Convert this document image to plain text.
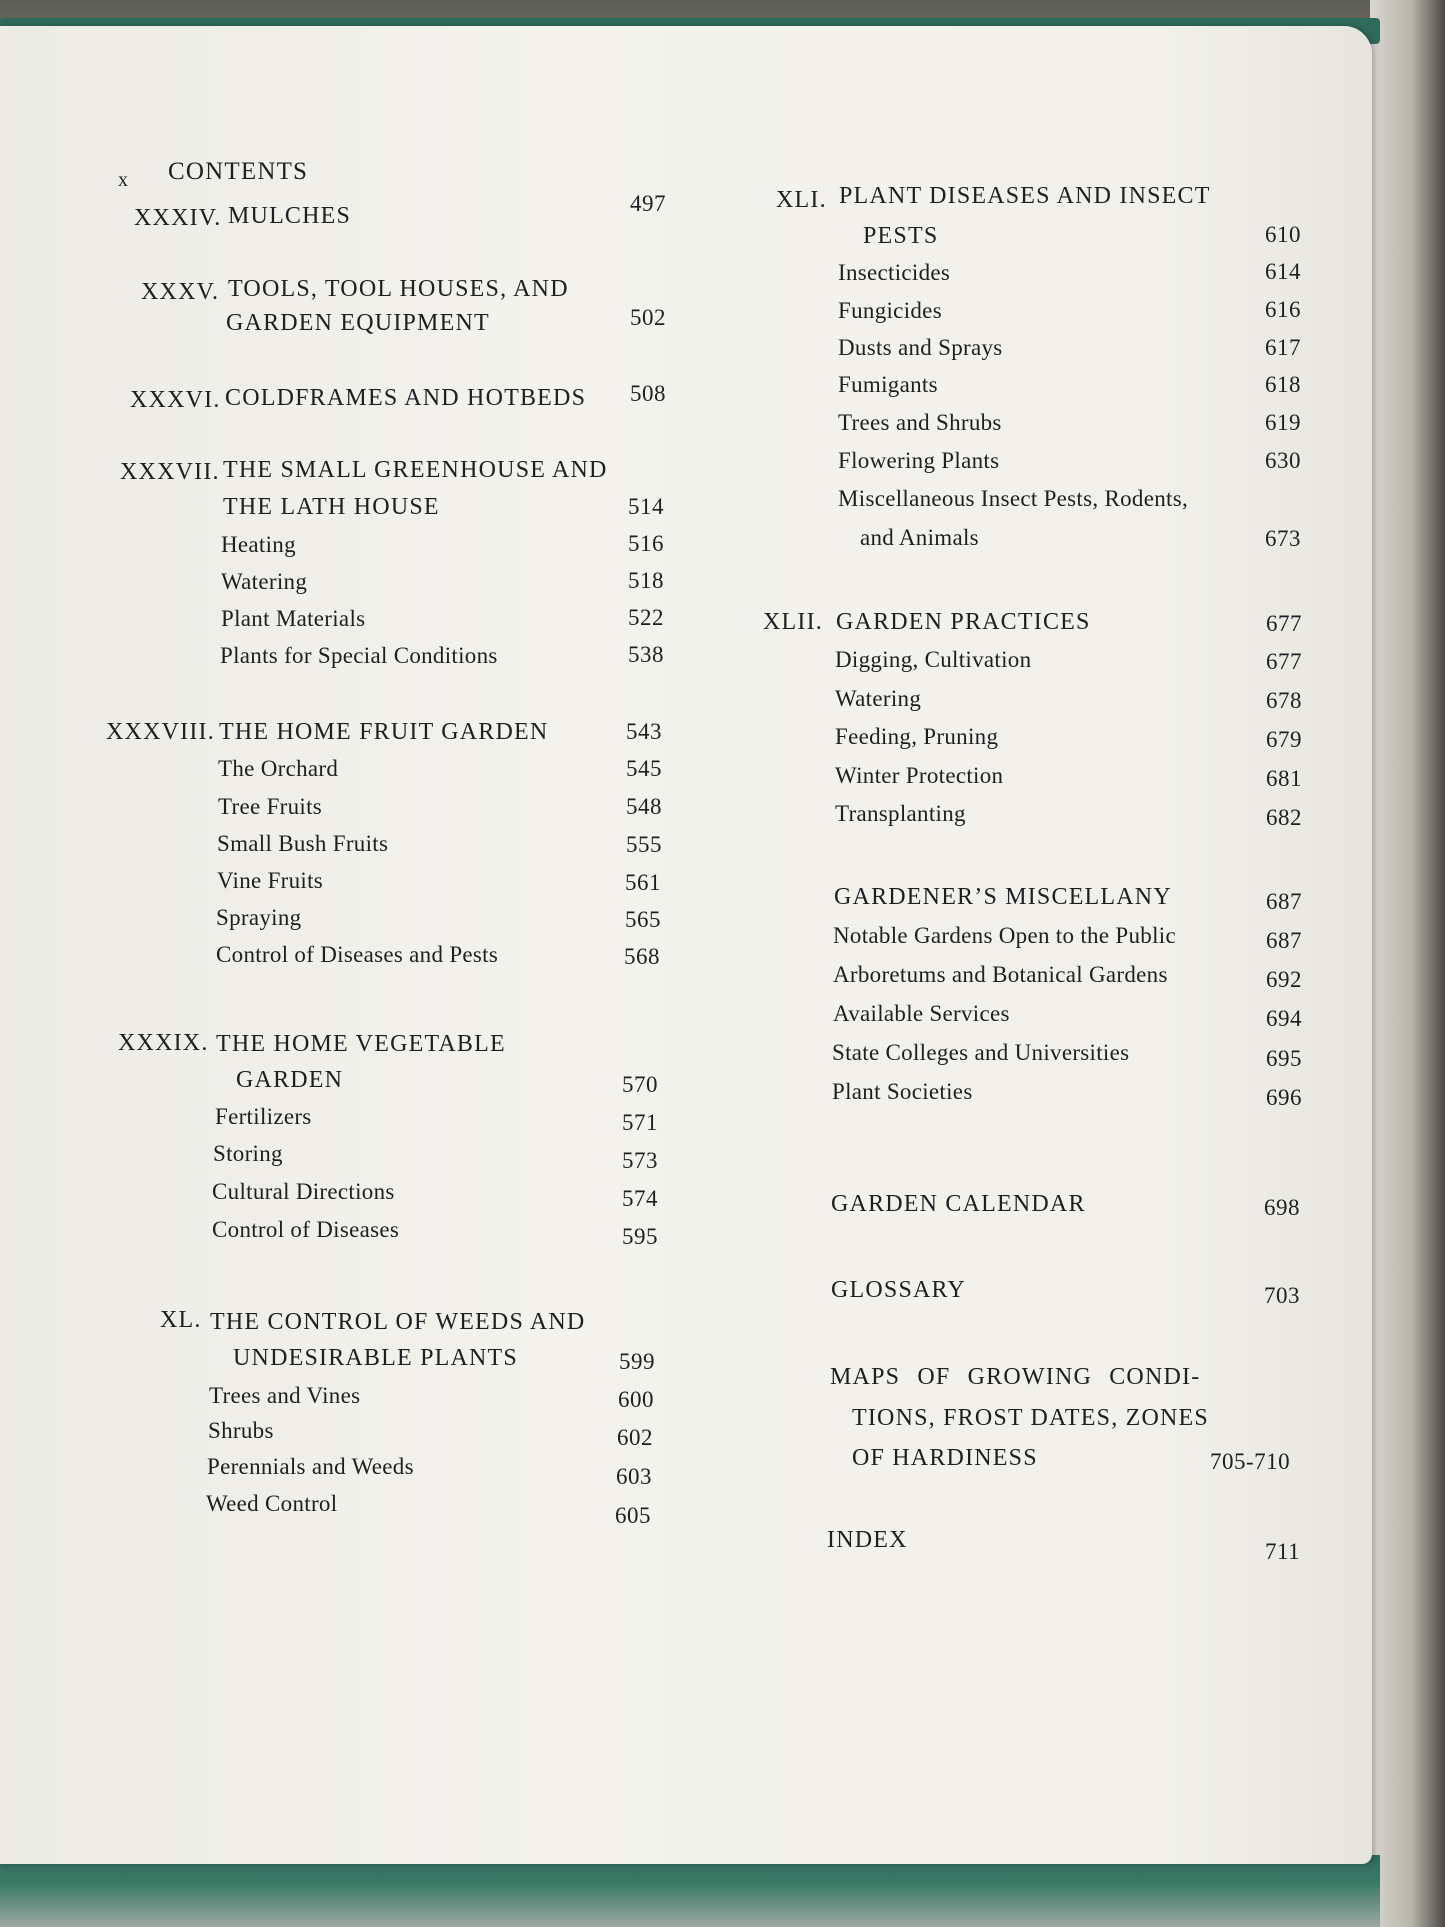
x CONTENTS
XXXIV. MULCHES	497
XXXV. TOOLS, TOOL HOUSES, AND
GARDEN EQUIPMENT	502
XXXVI. COLDFRAMES AND HOTBEDS 508
XXXVII. THE SMALL GREENHOUSE AND
THE LATH HOUSE	514
Heating	516
Watering	518
Plant Materials	522
Plants for Special Conditions	538
XXXVIII. THE HOME FRUIT GARDEN	543
The Orchard	545
Tree Fruits	548
Small Bush Fruits	555
Vine Fruits	561
Spraying	565
Control of Diseases and Pests	568
XXXIX. THE HOME VEGETABLE
GARDEN	570
Fertilizers	571
Storing	573
Cultural Directions	574
Control of Diseases	595
XL. THE CONTROL OF WEEDS AND
UNDESIRABLE PLANTS	599
Trees and Vines	600
Shrubs	602
Perennials and Weeds	603
Weed Control	605
XLI. PLANT DISEASES AND INSECT
PESTS	610
Insecticides	614
Fungicides	616
Dusts and Sprays	617
Fumigants	618
Trees and Shrubs	619
Flowering Plants	630
Miscellaneous Insect Pests, Rodents,
and Animals	673
XLII. GARDEN PRACTICES	677
Digging, Cultivation	677
Watering	678
Feeding, Pruning	679
Winter Protection	681
Transplanting	682
GARDENER’S MISCELLANY	687
Notable Gardens Open to the Public	687
Arboretums and Botanical Gardens	692
Available Services	694
State Colleges and Universities	695
Plant Societies	696
GARDEN CALENDAR	698
GLOSSARY	703
MAPS OF GROWING CONDI-
TIONS, FROST DATES, ZONES
OF HARDINESS	705-710
INDEX	711
